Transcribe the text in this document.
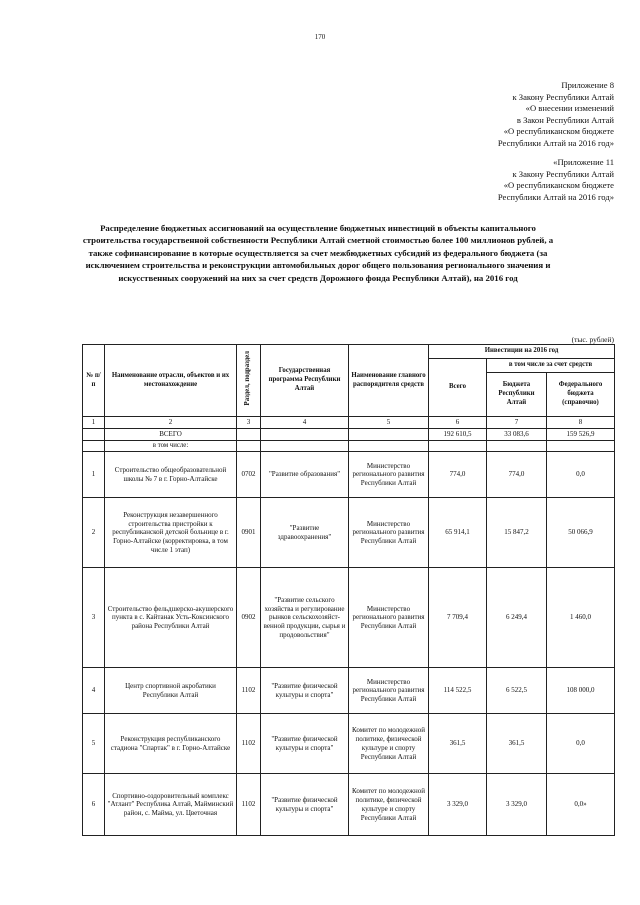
170
Приложение 8
к Закону Республики Алтай
«О внесении изменений
в Закон Республики Алтай
«О республиканском бюджете
Республики Алтай на 2016 год»
«Приложение 11
к Закону Республики Алтай
«О республиканском бюджете
Республики Алтай на 2016 год»
Распределение бюджетных ассигнований на осуществление бюджетных инвестиций в объекты капитального строительства государственной собственности Республики Алтай сметной стоимостью более 100 миллионов рублей, а также софинансирование в которые осуществляется за счет межбюджетных субсидий из федерального бюджета (за исключением строительства и реконструкции автомобильных дорог общего пользования регионального значения и искусственных сооружений на них за счет средств Дорожного фонда Республики Алтай), на 2016 год
(тыс. рублей)
№ п/п	Наименование отрасли, объектов и их местонахождение	Раздел, подраздел	Государственная программа Республики Алтай	Наименование главного распорядителя средств	Инвестиции на 2016 год		
					Всего	в том числе за счет средств	
						Бюджета Республики Алтай	Федерального бюджета (справочно)
1	2	3	4	5	6	7	8
	ВСЕГО				192 610,5	33 083,6	159 526,9
	в том числе:						
1	Строительство общеобразовательной школы № 7 в г. Горно-Алтайске	0702	"Развитие образования"	Министерство регионального развития Республики Алтай	774,0	774,0	0,0
2	Реконструкция незавершенного строительства пристройки к республиканской детской больнице в г. Горно-Алтайске (корректировка, в том числе 1 этап)	0901	"Развитие здравоохранения"	Министерство регионального развития Республики Алтай	65 914,1	15 847,2	50 066,9
3	Строительство фельдшерско-акушерского пункта в с. Кайтанак Усть-Коксинского района Республики Алтай	0902	"Развитие сельского хозяйства и регулирование рынков сельскохозяйст-венной продукции, сырья и продовольствия"	Министерство регионального развития Республики Алтай	7 709,4	6 249,4	1 460,0
4	Центр спортивной акробатики Республики Алтай	1102	"Развитие физической культуры и спорта"	Министерство регионального развития Республики Алтай	114 522,5	6 522,5	108 000,0
5	Реконструкция республиканского стадиона "Спартак" в г. Горно-Алтайске	1102	"Развитие физической культуры и спорта"	Комитет по молодежной политике, физической культуре и спорту Республики Алтай	361,5	361,5	0,0
6	Спортивно-оздоровительный комплекс "Атлант" Республика Алтай, Майминский район, с. Майма, ул. Цветочная	1102	"Развитие физической культуры и спорта"	Комитет по молодежной политике, физической культуре и спорту Республики Алтай	3 329,0	3 329,0	0,0»
